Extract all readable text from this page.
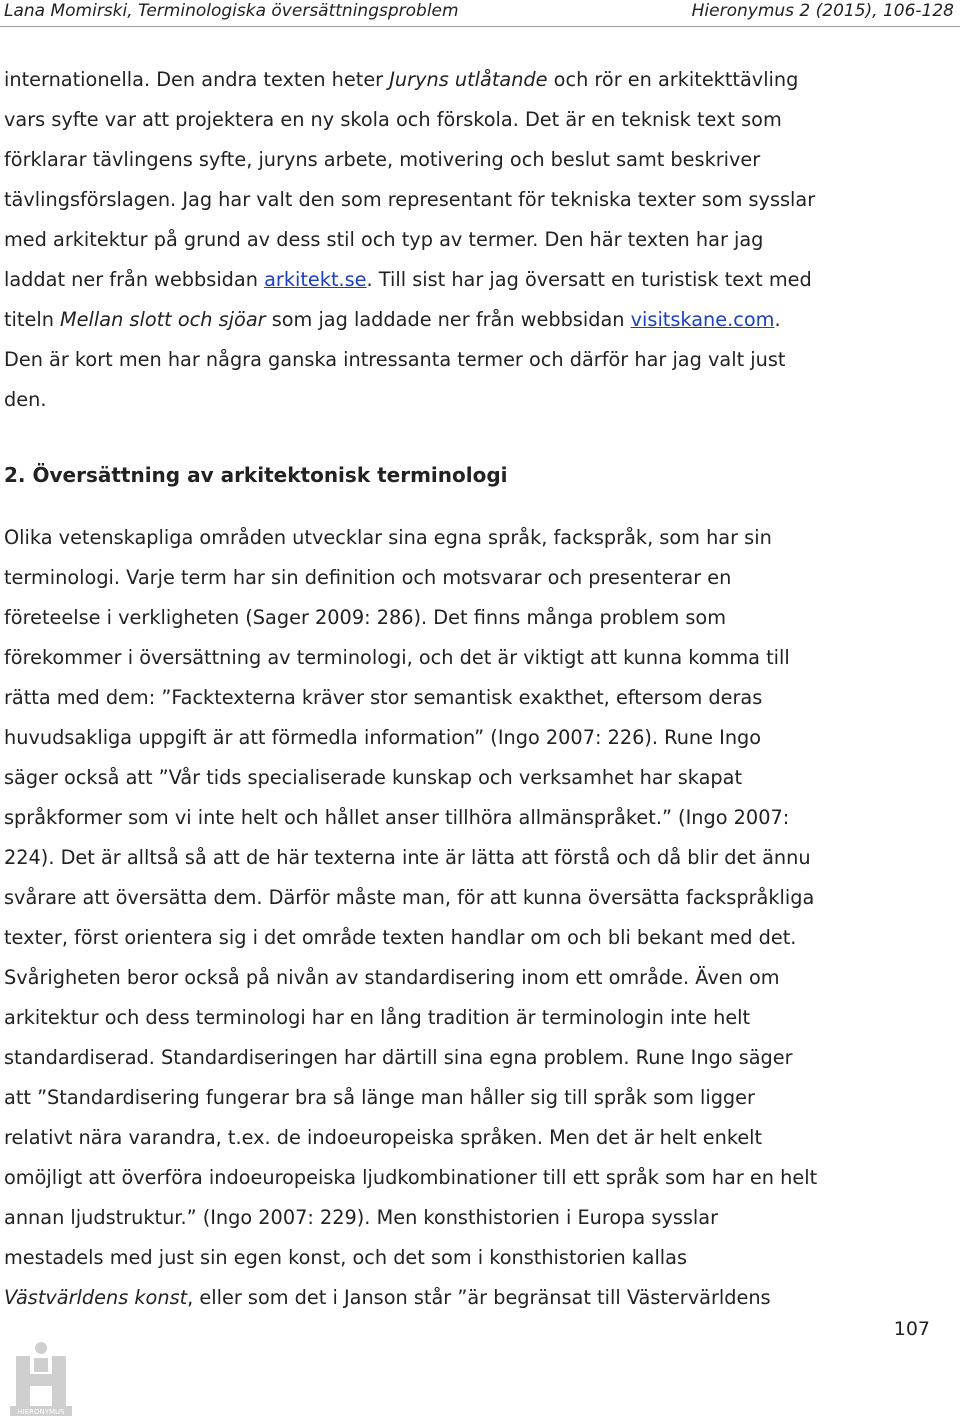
Lana Momirski, Terminologiska översättningsproblem	Hieronymus 2 (2015), 106-128
internationella. Den andra texten heter Juryns utlåtande och rör en arkitekttävling
vars syfte var att projektera en ny skola och förskola. Det är en teknisk text som
förklarar tävlingens syfte, juryns arbete, motivering och beslut samt beskriver
tävlingsförslagen. Jag har valt den som representant för tekniska texter som sysslar
med arkitektur på grund av dess stil och typ av termer. Den här texten har jag
laddat ner från webbsidan arkitekt.se. Till sist har jag översatt en turistisk text med
titeln Mellan slott och sjöar som jag laddade ner från webbsidan visitskane.com.
Den är kort men har några ganska intressanta termer och därför har jag valt just
den.
2. Översättning av arkitektonisk terminologi
Olika vetenskapliga områden utvecklar sina egna språk, fackspråk, som har sin
terminologi. Varje term har sin definition och motsvarar och presenterar en
företeelse i verkligheten (Sager 2009: 286). Det finns många problem som
förekommer i översättning av terminologi, och det är viktigt att kunna komma till
rätta med dem: ”Facktexterna kräver stor semantisk exakthet, eftersom deras
huvudsakliga uppgift är att förmedla information” (Ingo 2007: 226). Rune Ingo
säger också att ”Vår tids specialiserade kunskap och verksamhet har skapat
språkformer som vi inte helt och hållet anser tillhöra allmänspråket.” (Ingo 2007:
224). Det är alltså så att de här texterna inte är lätta att förstå och då blir det ännu
svårare att översätta dem. Därför måste man, för att kunna översätta fackspråkliga
texter, först orientera sig i det område texten handlar om och bli bekant med det.
Svårigheten beror också på nivån av standardisering inom ett område. Även om
arkitektur och dess terminologi har en lång tradition är terminologin inte helt
standardiserad. Standardiseringen har därtill sina egna problem. Rune Ingo säger
att ”Standardisering fungerar bra så länge man håller sig till språk som ligger
relativt nära varandra, t.ex. de indoeuropeiska språken. Men det är helt enkelt
omöjligt att överföra indoeuropeiska ljudkombinationer till ett språk som har en helt
annan ljudstruktur.” (Ingo 2007: 229). Men konsthistorien i Europa sysslar
mestadels med just sin egen konst, och det som i konsthistorien kallas
Västvärldens konst, eller som det i Janson står ”är begränsat till Västervärldens
107
HIERONYMUS
